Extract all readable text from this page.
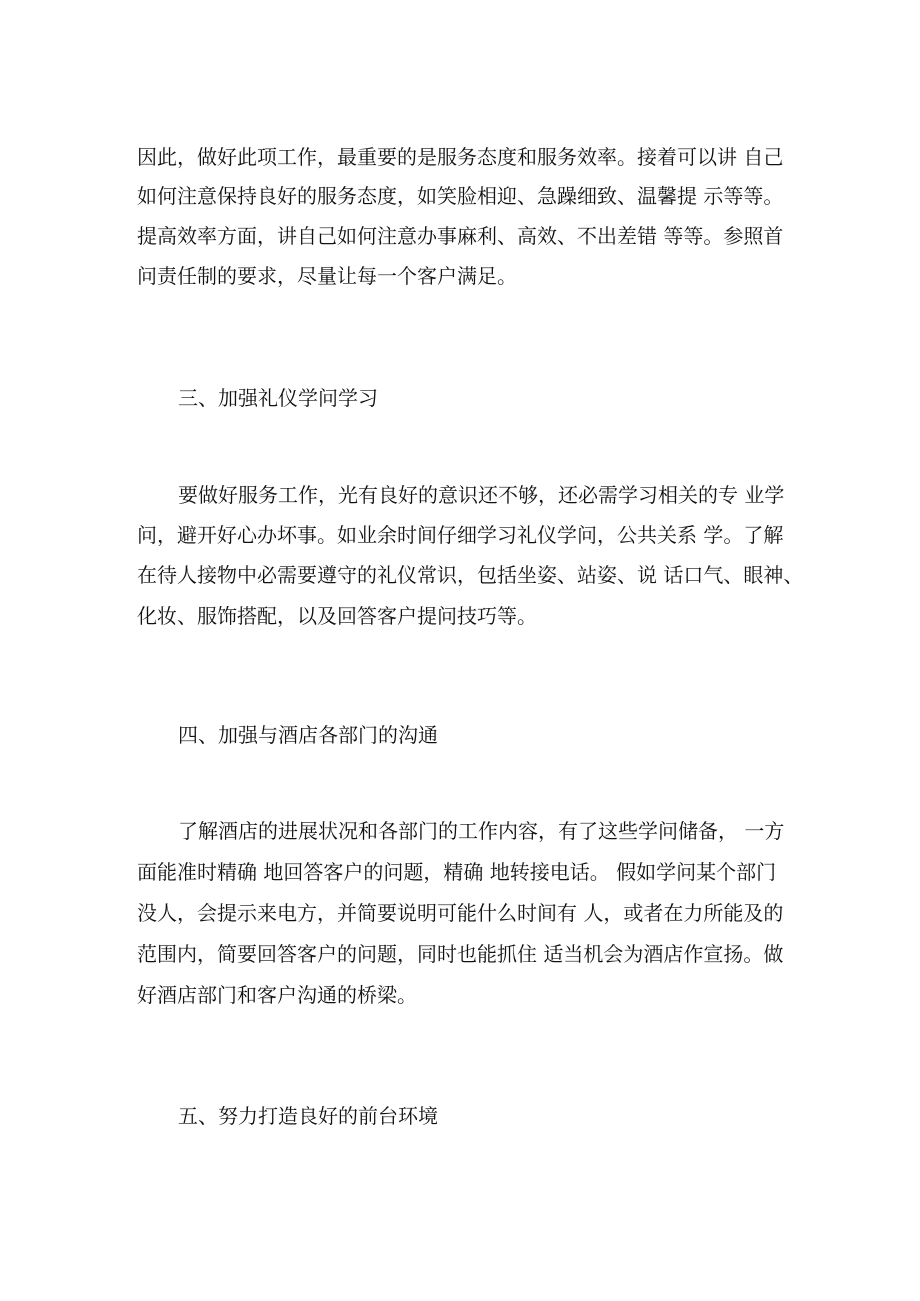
因此，做好此项工作，最重要的是服务态度和服务效率。接着可以讲 自己
如何注意保持良好的服务态度，如笑脸相迎、急躁细致、温馨提 示等等。
提高效率方面，讲自己如何注意办事麻利、高效、不出差错 等等。参照首
问责任制的要求，尽量让每一个客户满足。
三、加强礼仪学问学习
要做好服务工作，光有良好的意识还不够，还必需学习相关的专 业学
问，避开好心办坏事。如业余时间仔细学习礼仪学问，公共关系 学。了解
在待人接物中必需要遵守的礼仪常识，包括坐姿、站姿、说 话口气、眼神、
化妆、服饰搭配，以及回答客户提问技巧等。
四、加强与酒店各部门的沟通
了解酒店的进展状况和各部门的工作内容，有了这些学问储备， 一方
面能准时精确 地回答客户的问题，精确 地转接电话。 假如学问某个部门
没人，会提示来电方，并简要说明可能什么时间有 人，或者在力所能及的
范围内，简要回答客户的问题，同时也能抓住 适当机会为酒店作宣扬。做
好酒店部门和客户沟通的桥梁。
五、努力打造良好的前台环境
